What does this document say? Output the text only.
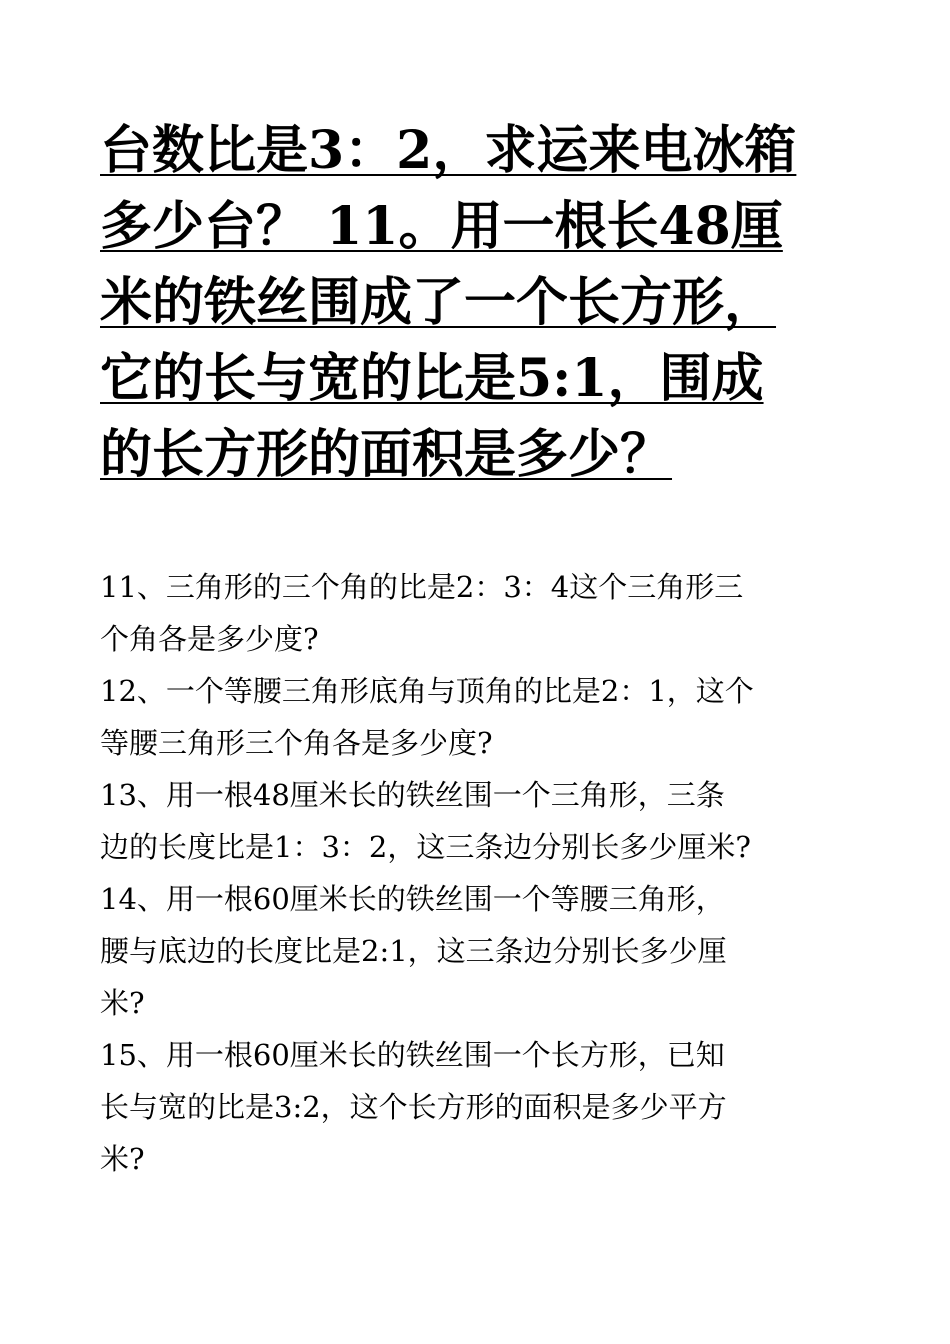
台数比是3：2，求运来电冰箱
多少台？ 11。用一根长48厘
米的铁丝围成了一个长方形，
它的长与宽的比是5:1，围成
的长方形的面积是多少？
11、三角形的三个角的比是2：3：4这个三角形三
个角各是多少度?
12、一个等腰三角形底角与顶角的比是2：1，这个
等腰三角形三个角各是多少度?
13、用一根48厘米长的铁丝围一个三角形，三条
边的长度比是1：3：2，这三条边分别长多少厘米?
14、用一根60厘米长的铁丝围一个等腰三角形，
腰与底边的长度比是2:1，这三条边分别长多少厘
米?
15、用一根60厘米长的铁丝围一个长方形，已知
长与宽的比是3:2，这个长方形的面积是多少平方
米?
